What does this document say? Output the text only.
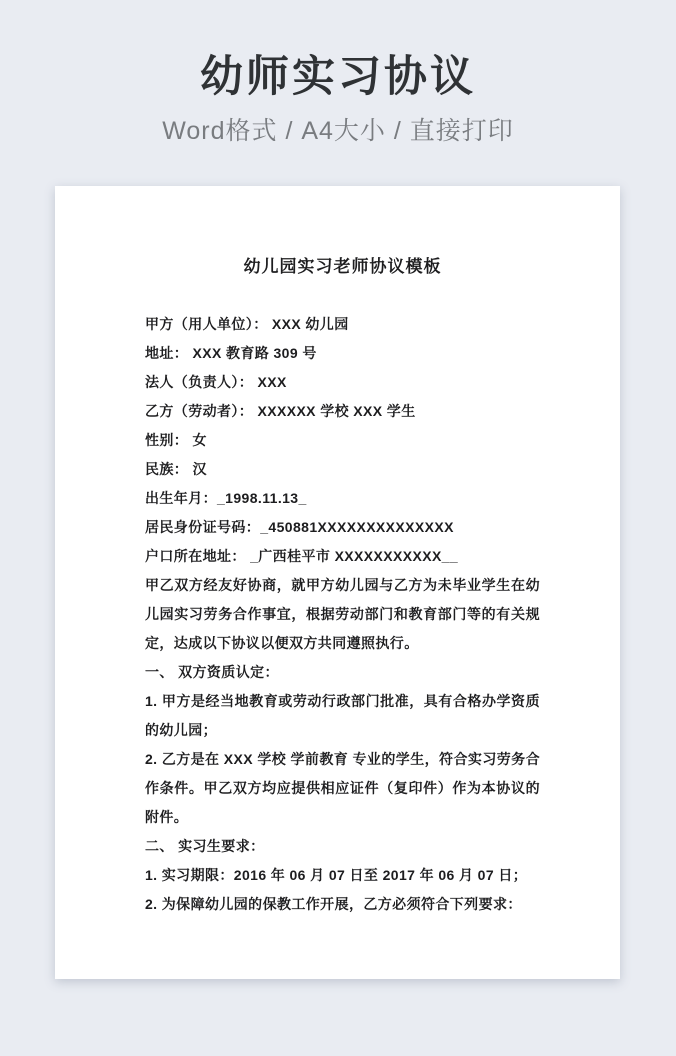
幼师实习协议
Word格式 / A4大小 / 直接打印
幼儿园实习老师协议模板

甲方（用人单位）： XXX 幼儿园

地址： XXX 教育路 309 号

法人（负责人）： XXX

乙方（劳动者）： XXXXXX 学校 XXX 学生

性别： 女

民族： 汉

出生年月：_1998.11.13_

居民身份证号码：_450881XXXXXXXXXXXXXX

户口所在地址： _广西桂平市 XXXXXXXXXXX__

甲乙双方经友好协商，就甲方幼儿园与乙方为未毕业学生在幼儿园实习劳务合作事宜，根据劳动部门和教育部门等的有关规定，达成以下协议以便双方共同遵照执行。

一、 双方资质认定：

1. 甲方是经当地教育或劳动行政部门批准，具有合格办学资质的幼儿园；

2. 乙方是在 XXX 学校 学前教育 专业的学生，符合实习劳务合作条件。甲乙双方均应提供相应证件（复印件）作为本协议的附件。

二、 实习生要求：

1. 实习期限：2016 年 06 月 07 日至 2017 年 06 月 07 日；

2. 为保障幼儿园的保教工作开展，乙方必须符合下列要求：
